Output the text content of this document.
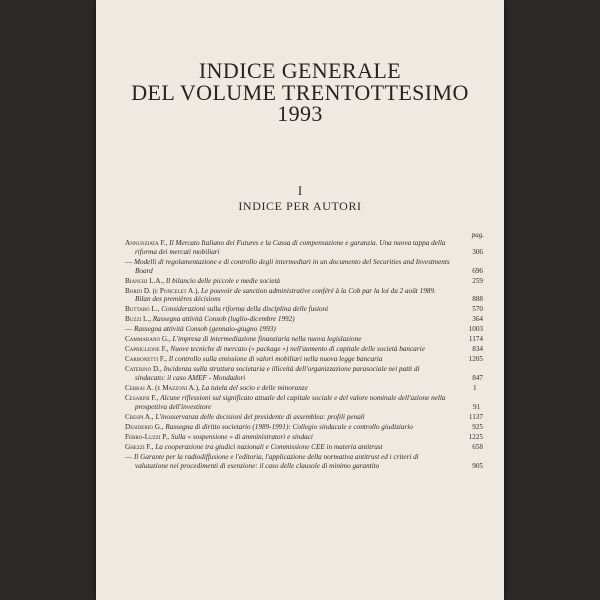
INDICE GENERALE
DEL VOLUME TRENTOTTESIMO
1993
I
INDICE PER AUTORI
pag.
Annunziata F., Il Mercato Italiano dei Futures e la Cassa di compensazione e garanzia. Una nuova tappa della riforma dei mercati mobiliari	306
— Modelli di regolamentazione e di controllo degli intermediari in un documento del Securities and Investments Board	696
Bianchi L.A., Il bilancio delle piccole e medie società	259
Bordi D. (e Poncelet A.), Le pouvoir de sanction administrative conféré à la Cob par la loi du 2 août 1989. Bilan des premières décisions	888
Buttaro L., Considerazioni sulla riforma della disciplina delle fusioni	570
Buzzi L., Rassegna attività Consob (luglio-dicembre 1992)	364
— Rassegna attività Consob (gennaio-giugno 1993)	1003
Cammarano G., L'impresa di intermediazione finanziaria nella nuova legislazione	1174
Capriglione F., Nuove tecniche di mercato (« package ») nell'aumento di capitale delle società bancarie	834
Carbonetti F., Il controllo sulla emissione di valori mobiliari nella nuova legge bancaria	1205
Caterino D., Incidenza sulla struttura societaria e illiceità dell'organizzazione parasociale nei patti di sindacato: il caso AMEF - Mondadori	847
Cerrai A. (e Mazzoni A.), La tutela del socio e delle minoranze	1
Cesarini F., Alcune riflessioni sul significato attuale del capitale sociale e del valore nominale dell'azione nella prospettiva dell'investitore	91
Crespi A., L'inosservanza delle decisioni del presidente di assemblea: profili penali	1137
Desiderio G., Rassegna di diritto societario (1989-1991): Collegio sindacale e controllo giudiziario	925
Ferro-Luzzi P., Sulla « sospensione » di amministratori e sindaci	1225
Ghezzi F., La cooperazione tra giudici nazionali e Commissione CEE in materia antitrust	658
— Il Garante per la radiodiffusione e l'editoria, l'applicazione della normativa antitrust ed i criteri di valutazione nei procedimenti di esenzione: il caso delle clausole di minimo garantito	905
